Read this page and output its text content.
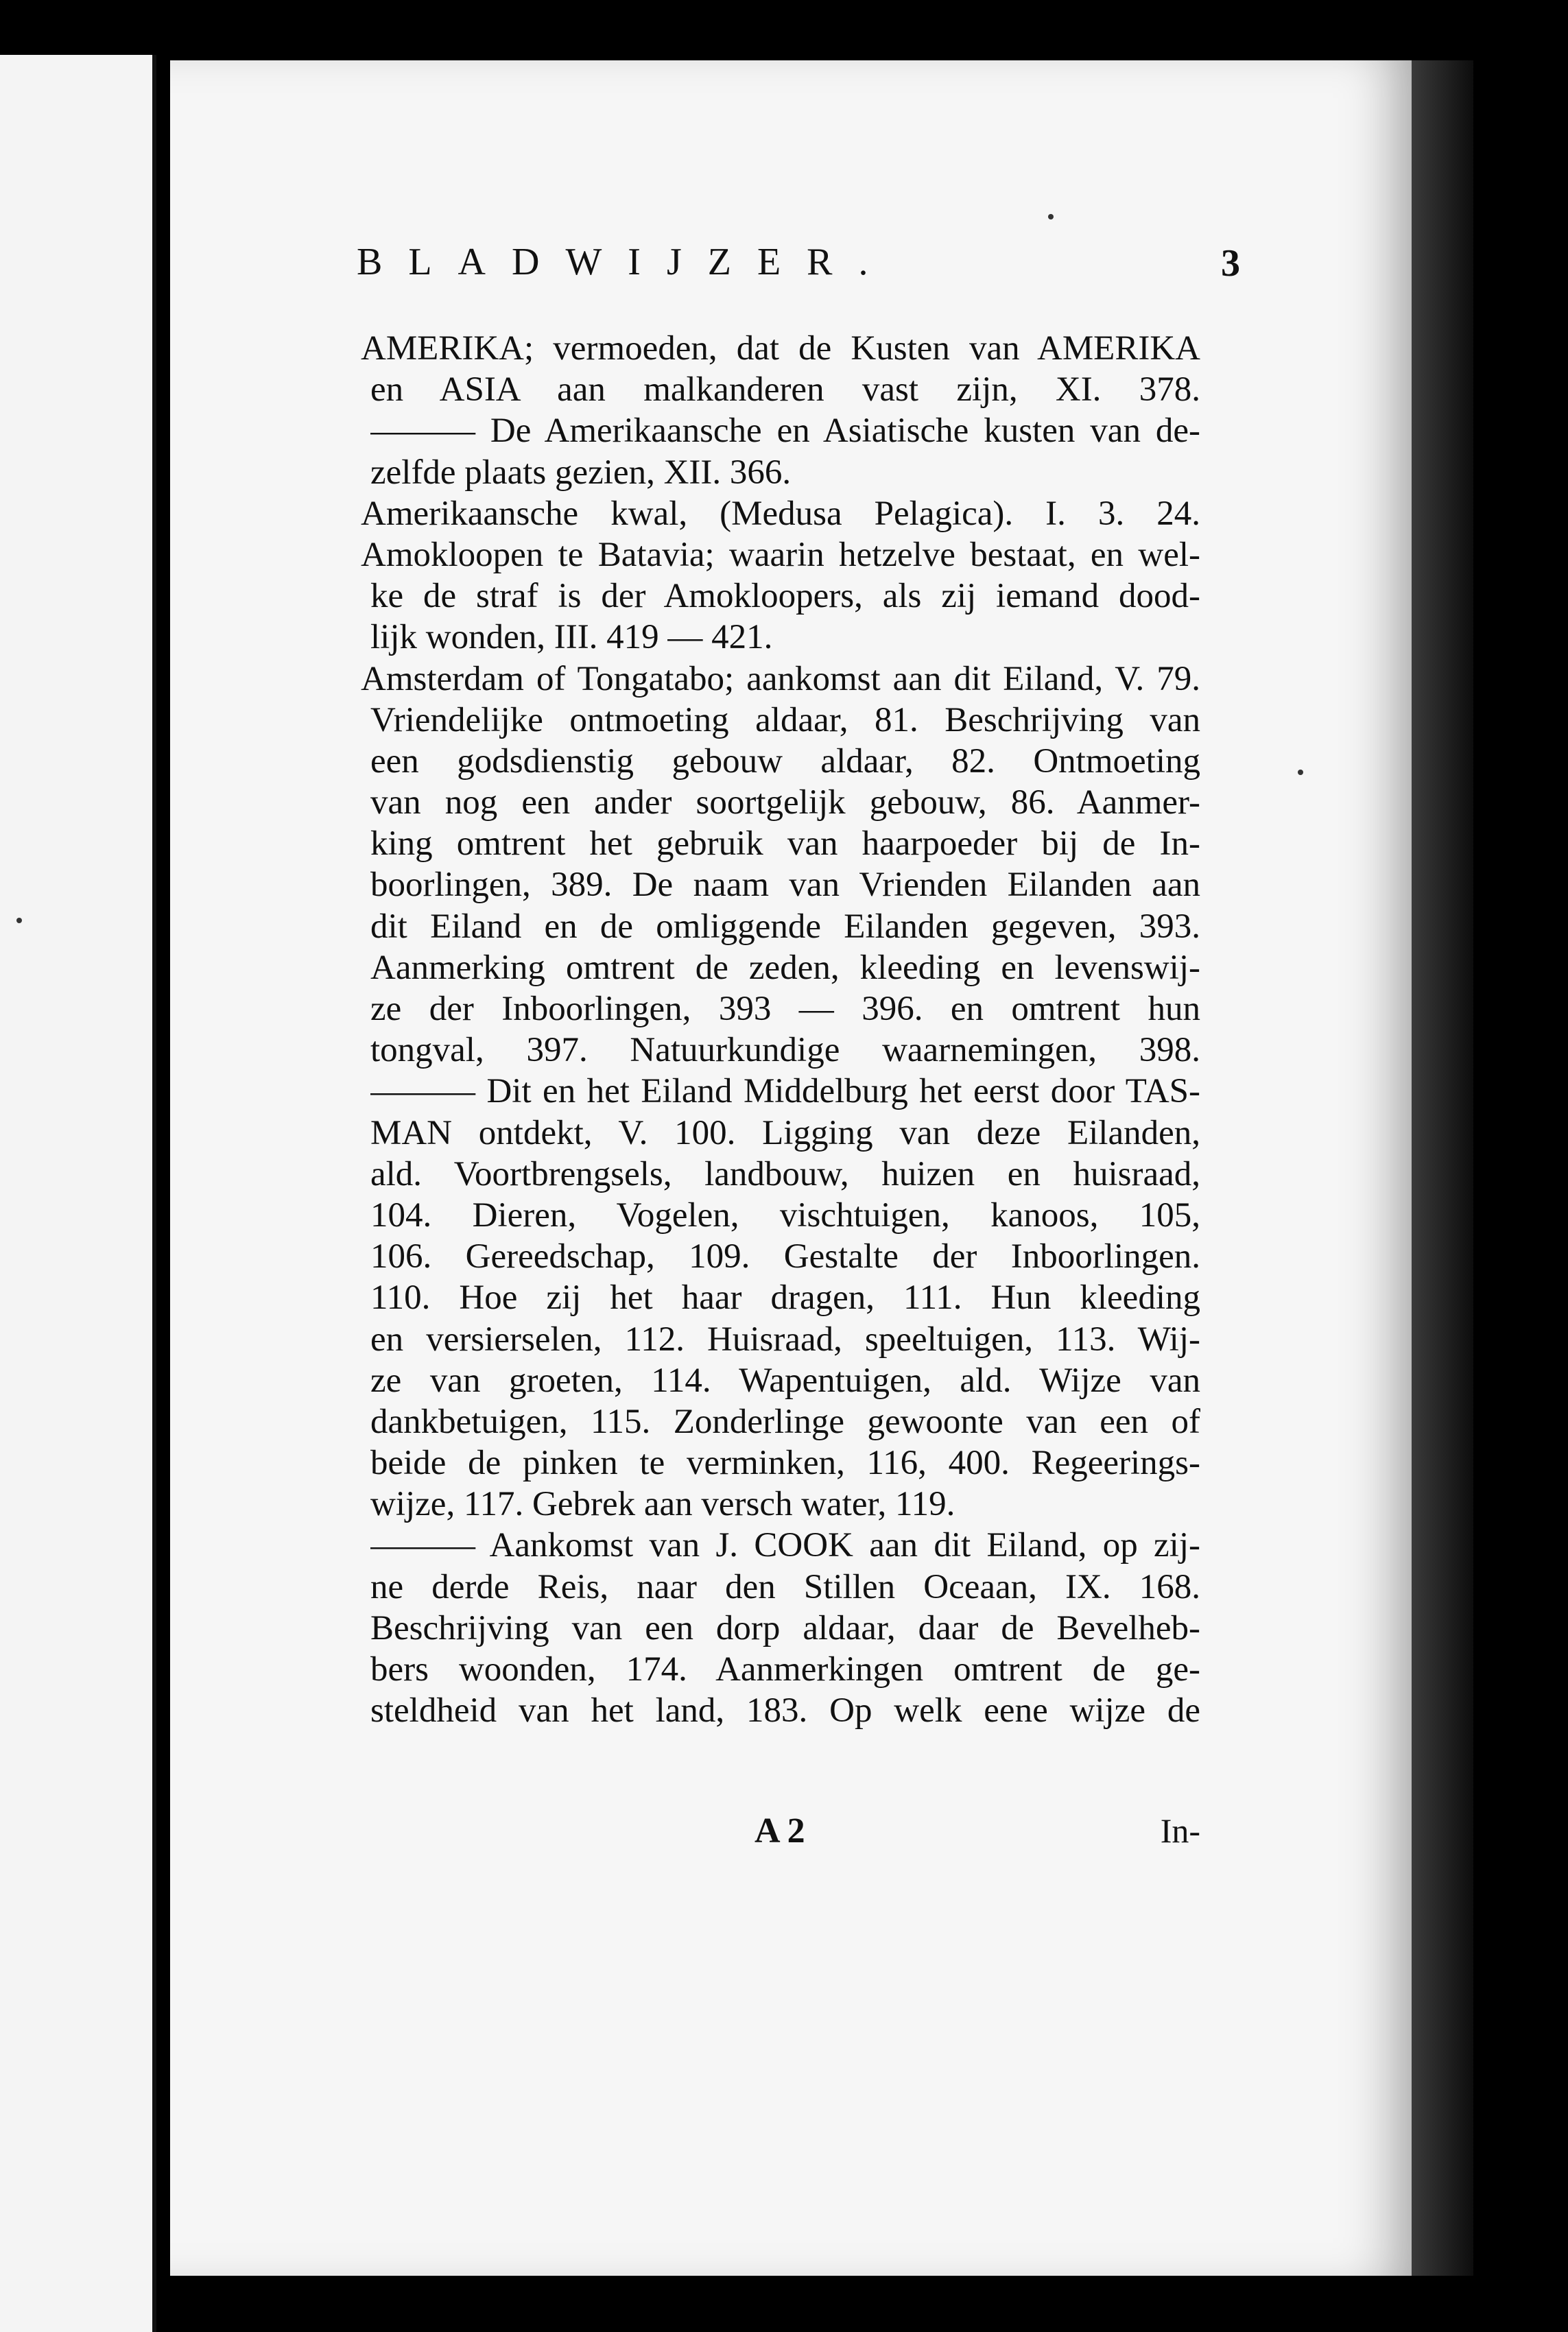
BLADWIJZER.	3
AMERIKA; vermoeden, dat de Kusten van AMERIKA
en ASIA aan malkanderen vast zijn, XI. 378.
——— De Amerikaansche en Asiatische kusten van de-
zelfde plaats gezien, XII. 366.
Amerikaansche kwal, (Medusa Pelagica). I. 3. 24.
Amokloopen te Batavia; waarin hetzelve bestaat, en wel-
ke de straf is der Amokloopers, als zij iemand dood-
lijk wonden, III. 419 — 421.
Amsterdam of Tongatabo; aankomst aan dit Eiland, V. 79.
Vriendelijke ontmoeting aldaar, 81. Beschrijving van
een godsdienstig gebouw aldaar, 82. Ontmoeting
van nog een ander soortgelijk gebouw, 86. Aanmer-
king omtrent het gebruik van haarpoeder bij de In-
boorlingen, 389. De naam van Vrienden Eilanden aan
dit Eiland en de omliggende Eilanden gegeven, 393.
Aanmerking omtrent de zeden, kleeding en levenswij-
ze der Inboorlingen, 393 — 396. en omtrent hun
tongval, 397. Natuurkundige waarnemingen, 398.
——— Dit en het Eiland Middelburg het eerst door TAS-
MAN ontdekt, V. 100. Ligging van deze Eilanden,
ald. Voortbrengsels, landbouw, huizen en huisraad,
104. Dieren, Vogelen, vischtuigen, kanoos, 105,
106. Gereedschap, 109. Gestalte der Inboorlingen.
110. Hoe zij het haar dragen, 111. Hun kleeding
en versierselen, 112. Huisraad, speeltuigen, 113. Wij-
ze van groeten, 114. Wapentuigen, ald. Wijze van
dankbetuigen, 115. Zonderlinge gewoonte van een of
beide de pinken te verminken, 116, 400. Regeerings-
wijze, 117. Gebrek aan versch water, 119.
——— Aankomst van J. COOK aan dit Eiland, op zij-
ne derde Reis, naar den Stillen Oceaan, IX. 168.
Beschrijving van een dorp aldaar, daar de Bevelheb-
bers woonden, 174. Aanmerkingen omtrent de ge-
steldheid van het land, 183. Op welk eene wijze de
A 2	In-
